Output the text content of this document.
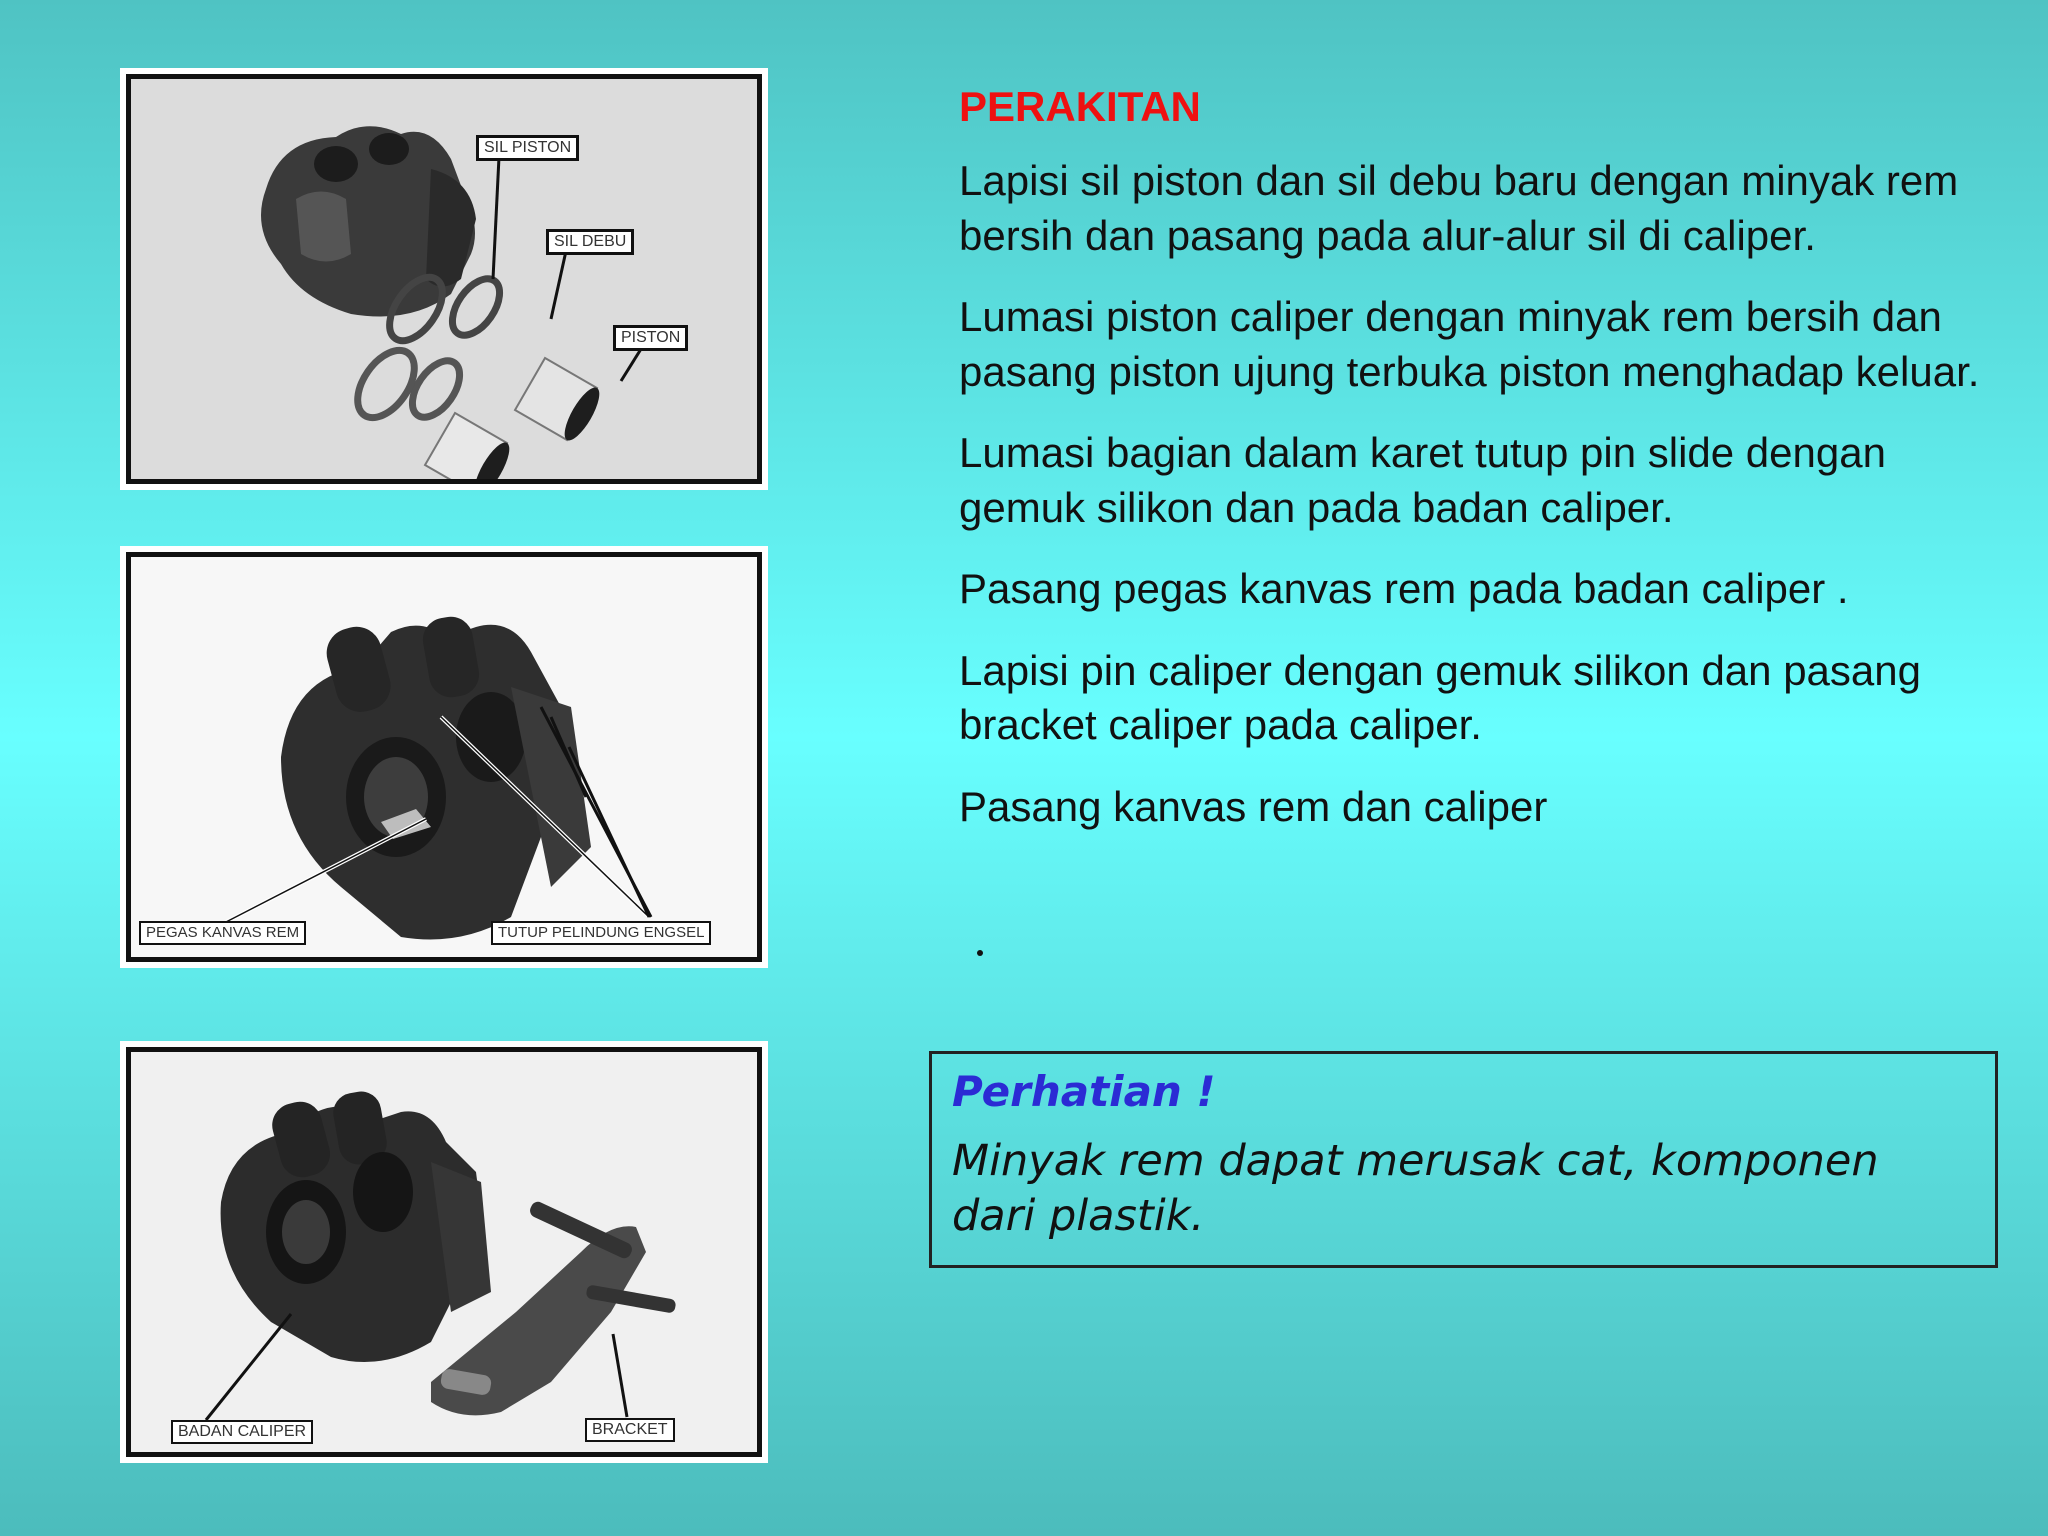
SIL PISTON
SIL DEBU
PISTON
PEGAS KANVAS REM	TUTUP PELINDUNG ENGSEL
BADAN CALIPER	BRACKET
PERAKITAN

Lapisi sil piston dan sil debu baru dengan minyak rem bersih dan pasang pada alur-alur sil di caliper.

Lumasi piston caliper dengan minyak rem bersih dan pasang piston ujung terbuka piston menghadap keluar.

Lumasi bagian dalam karet tutup pin slide dengan gemuk silikon dan pada badan caliper.

Pasang pegas kanvas rem pada badan caliper .

Lapisi pin caliper dengan gemuk silikon dan pasang bracket caliper pada caliper.

Pasang kanvas rem dan caliper

Perhatian !

Minyak rem dapat merusak cat, komponen dari plastik.
